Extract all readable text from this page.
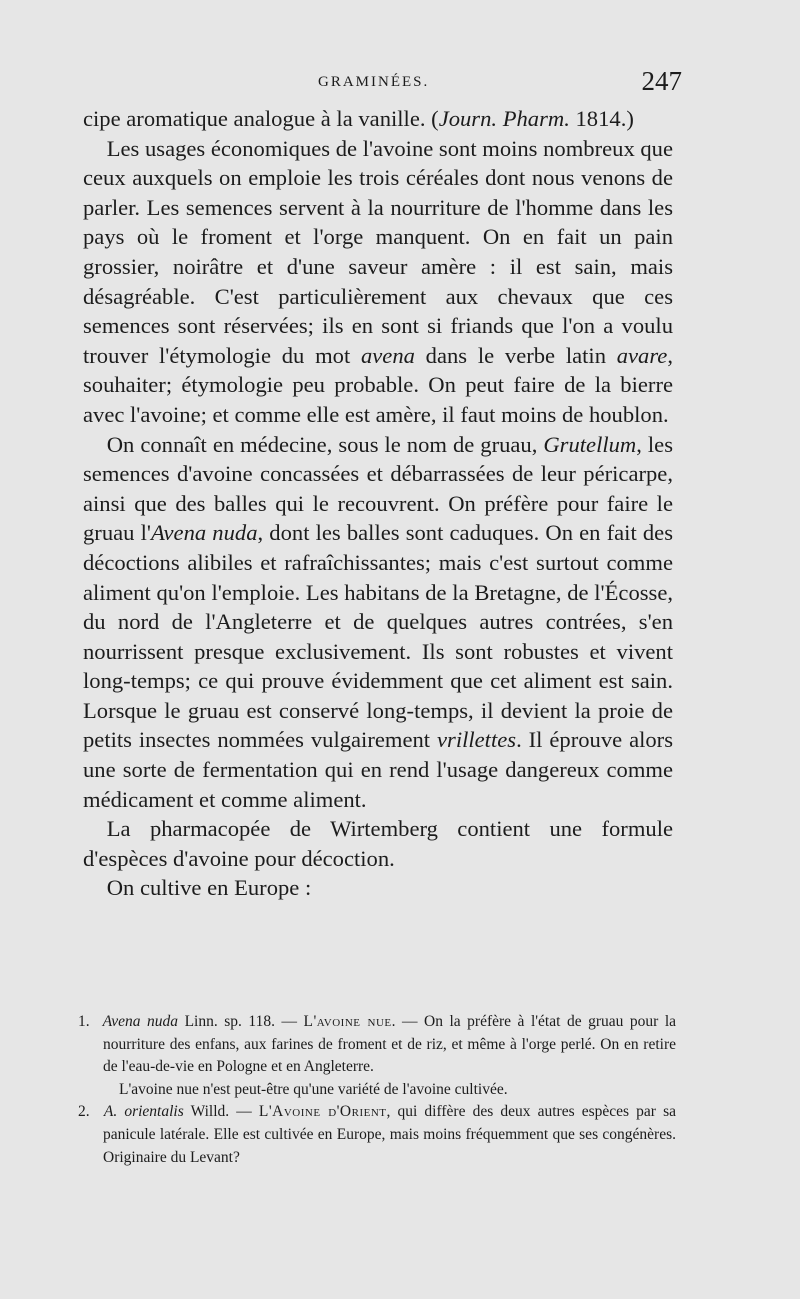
GRAMINÉES.	247

cipe aromatique analogue à la vanille. (Journ. Pharm. 1814.)

Les usages économiques de l'avoine sont moins nombreux que ceux auxquels on emploie les trois céréales dont nous venons de parler. Les semences servent à la nourriture de l'homme dans les pays où le froment et l'orge manquent. On en fait un pain grossier, noirâtre et d'une saveur amère : il est sain, mais désagréable. C'est particulièrement aux chevaux que ces semences sont réservées; ils en sont si friands que l'on a voulu trouver l'étymologie du mot avena dans le verbe latin avare, souhaiter; étymologie peu probable. On peut faire de la bierre avec l'avoine; et comme elle est amère, il faut moins de houblon.

On connaît en médecine, sous le nom de gruau, Grutellum, les semences d'avoine concassées et débarrassées de leur péricarpe, ainsi que des balles qui le recouvrent. On préfère pour faire le gruau l'Avena nuda, dont les balles sont caduques. On en fait des décoctions alibiles et rafraîchissantes; mais c'est surtout comme aliment qu'on l'emploie. Les habitans de la Bretagne, de l'Écosse, du nord de l'Angleterre et de quelques autres contrées, s'en nourrissent presque exclusivement. Ils sont robustes et vivent long-temps; ce qui prouve évidemment que cet aliment est sain. Lorsque le gruau est conservé long-temps, il devient la proie de petits insectes nommées vulgairement vrillettes. Il éprouve alors une sorte de fermentation qui en rend l'usage dangereux comme médicament et comme aliment.

La pharmacopée de Wirtemberg contient une formule d'espèces d'avoine pour décoction.

On cultive en Europe :

1. Avena nuda Linn. sp. 118. — L'avoine nue. — On la préfère à l'état de gruau pour la nourriture des enfans, aux farines de froment et de riz, et même à l'orge perlé. On en retire de l'eau-de-vie en Pologne et en Angleterre.

L'avoine nue n'est peut-être qu'une variété de l'avoine cultivée.

2. A. orientalis Willd. — L'Avoine d'Orient, qui diffère des deux autres espèces par sa panicule latérale. Elle est cultivée en Europe, mais moins fréquemment que ses congénères. Originaire du Levant?
